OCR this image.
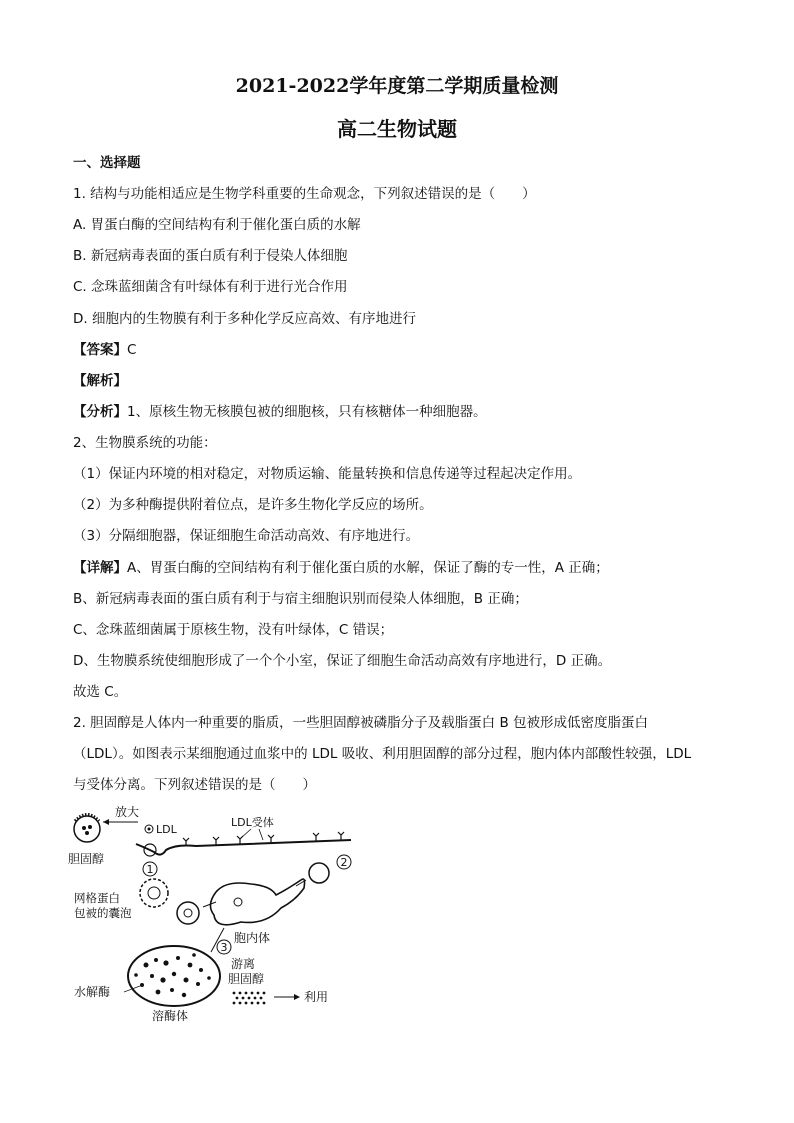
2021-2022学年度第二学期质量检测
高二生物试题
一、选择题
1. 结构与功能相适应是生物学科重要的生命观念，下列叙述错误的是（　　）
A. 胃蛋白酶的空间结构有利于催化蛋白质的水解
B. 新冠病毒表面的蛋白质有利于侵染人体细胞
C. 念珠蓝细菌含有叶绿体有利于进行光合作用
D. 细胞内的生物膜有利于多种化学反应高效、有序地进行
【答案】C
【解析】
【分析】1、原核生物无核膜包被的细胞核，只有核糖体一种细胞器。
2、生物膜系统的功能：
（1）保证内环境的相对稳定，对物质运输、能量转换和信息传递等过程起决定作用。
（2）为多种酶提供附着位点，是许多生物化学反应的场所。
（3）分隔细胞器，保证细胞生命活动高效、有序地进行。
【详解】A、胃蛋白酶的空间结构有利于催化蛋白质的水解，保证了酶的专一性，A 正确；
B、新冠病毒表面的蛋白质有利于与宿主细胞识别而侵染人体细胞，B 正确；
C、念珠蓝细菌属于原核生物，没有叶绿体，C 错误；
D、生物膜系统使细胞形成了一个个小室，保证了细胞生命活动高效有序地进行，D 正确。
故选 C。
2. 胆固醇是人体内一种重要的脂质，一些胆固醇被磷脂分子及载脂蛋白 B 包被形成低密度脂蛋白
（LDL）。如图表示某细胞通过血浆中的 LDL 吸收、利用胆固醇的部分过程，胞内体内部酸性较强，LDL
与受体分离。下列叙述错误的是（　　）
放大
LDL
LDL受体
胆固醇
1
网格蛋白
包被的囊泡
胞内体
2
3
水解酶
溶酶体
游离
胆固醇
利用
